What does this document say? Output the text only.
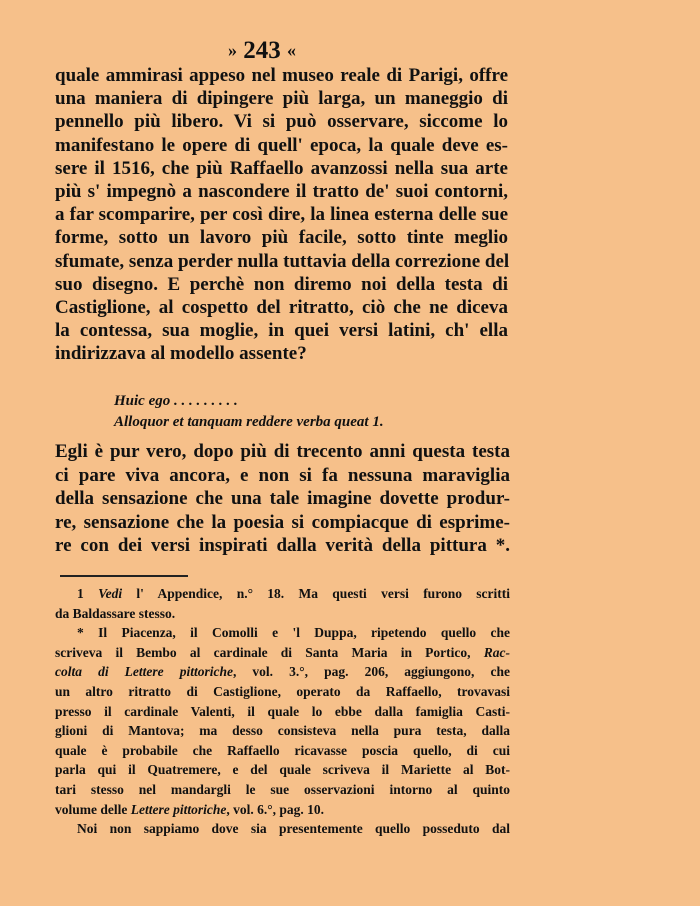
» 243 «
quale ammirasi appeso nel museo reale di Parigi, offre
una maniera di dipingere più larga, un maneggio di
pennello più libero. Vi si può osservare, siccome lo
manifestano le opere di quell' epoca, la quale deve es-
sere il 1516, che più Raffaello avanzossi nella sua arte
più s' impegnò a nascondere il tratto de' suoi contorni,
a far scomparire, per così dire, la linea esterna delle sue
forme, sotto un lavoro più facile, sotto tinte meglio
sfumate, senza perder nulla tuttavia della correzione del
suo disegno. E perchè non diremo noi della testa di
Castiglione, al cospetto del ritratto, ciò che ne diceva
la contessa, sua moglie, in quei versi latini, ch' ella
indirizzava al modello assente?
Huic ego . . . . . . . . .
Alloquor et tanquam reddere verba queat 1.
Egli è pur vero, dopo più di trecento anni questa testa
ci pare viva ancora, e non si fa nessuna maraviglia
della sensazione che una tale imagine dovette produr-
re, sensazione che la poesia si compiacque di esprime-
re con dei versi inspirati dalla verità della pittura *.
1 Vedi l' Appendice, n.° 18. Ma questi versi furono scritti
da Baldassare stesso.
* Il Piacenza, il Comolli e 'l Duppa, ripetendo quello che
scriveva il Bembo al cardinale di Santa Maria in Portico, Rac-
colta di Lettere pittoriche, vol. 3.°, pag. 206, aggiungono, che
un altro ritratto di Castiglione, operato da Raffaello, trovavasi
presso il cardinale Valenti, il quale lo ebbe dalla famiglia Casti-
glioni di Mantova; ma desso consisteva nella pura testa, dalla
quale è probabile che Raffaello ricavasse poscia quello, di cui
parla qui il Quatremere, e del quale scriveva il Mariette al Bot-
tari stesso nel mandargli le sue osservazioni intorno al quinto
volume delle Lettere pittoriche, vol. 6.°, pag. 10.
Noi non sappiamo dove sia presentemente quello posseduto dal
